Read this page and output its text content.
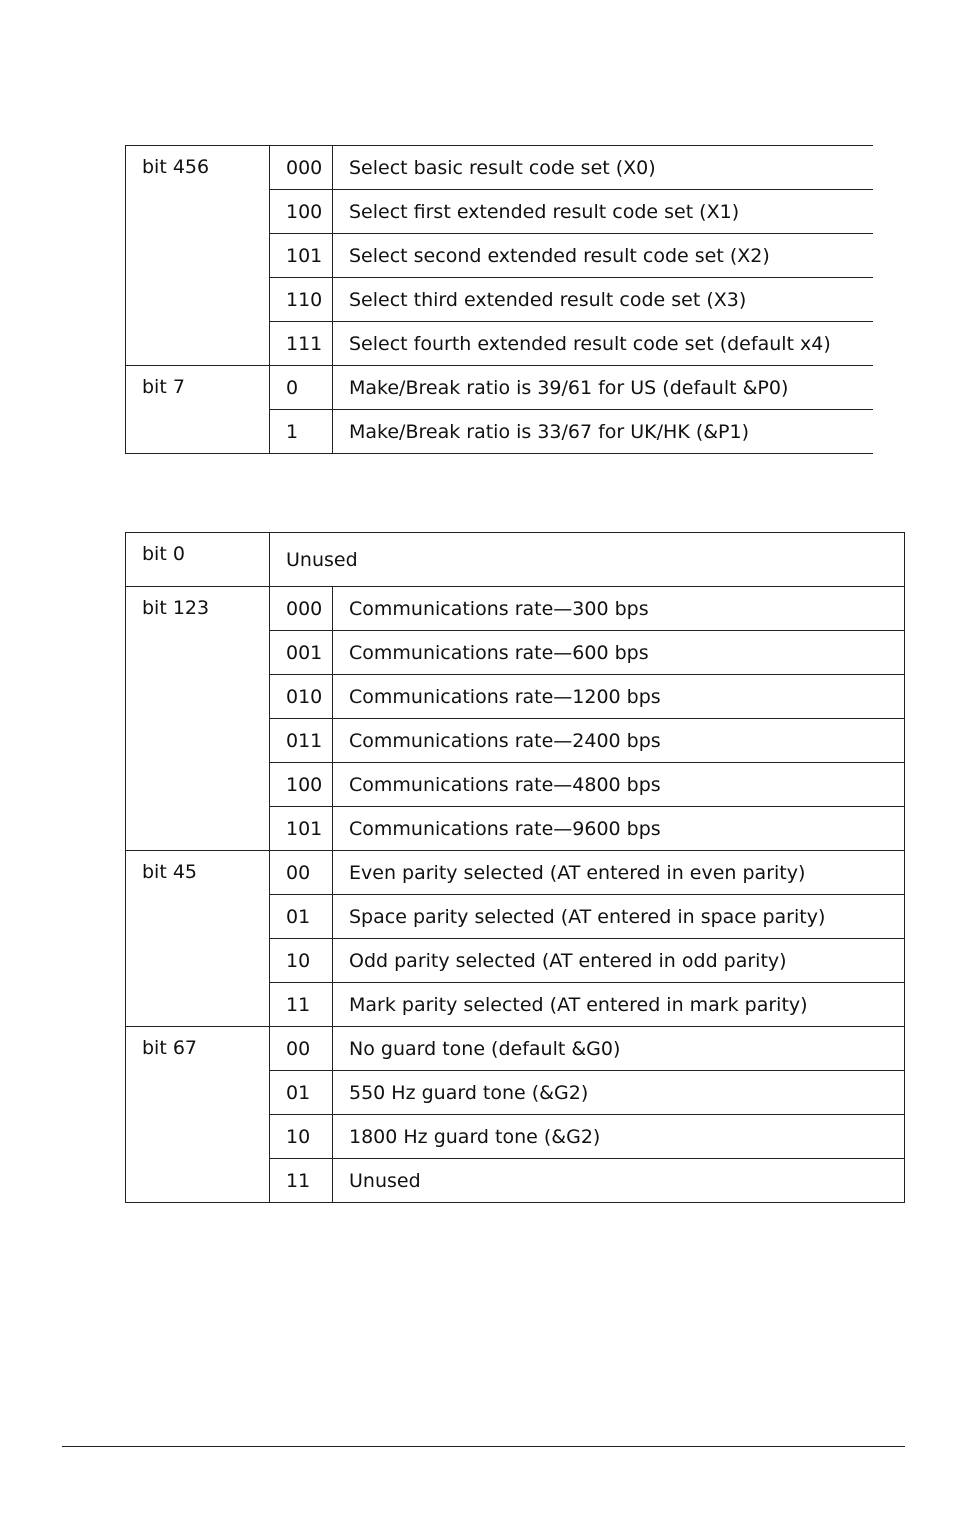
bit 456	000	Select basic result code set (X0)
	100	Select first extended result code set (X1)
	101	Select second extended result code set (X2)
	110	Select third extended result code set (X3)
	111	Select fourth extended result code set (default x4)
bit 7	0	Make/Break ratio is 39/61 for US (default &P0)
	1	Make/Break ratio is 33/67 for UK/HK (&P1)
bit 0	Unused	
bit 123	000	Communications rate—300 bps
	001	Communications rate—600 bps
	010	Communications rate—1200 bps
	011	Communications rate—2400 bps
	100	Communications rate—4800 bps
	101	Communications rate—9600 bps
bit 45	00	Even parity selected (AT entered in even parity)
	01	Space parity selected (AT entered in space parity)
	10	Odd parity selected (AT entered in odd parity)
	11	Mark parity selected (AT entered in mark parity)
bit 67	00	No guard tone (default &G0)
	01	550 Hz guard tone (&G2)
	10	1800 Hz guard tone (&G2)
	11	Unused
